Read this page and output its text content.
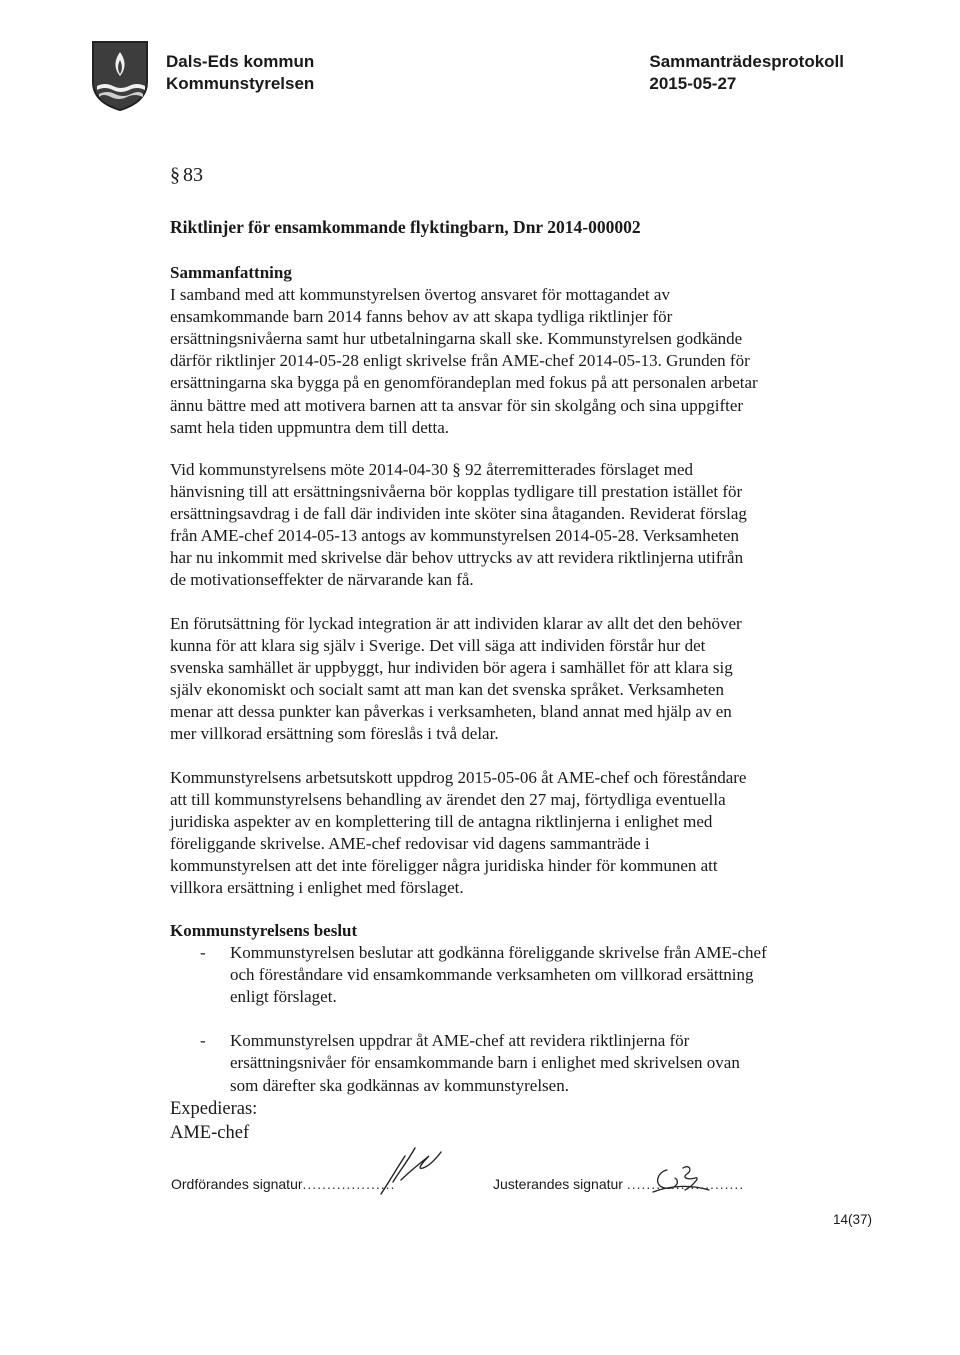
Dals-Eds kommun
Kommunstyrelsen
Sammanträdesprotokoll
2015-05-27
§ 83
Riktlinjer för ensamkommande flyktingbarn, Dnr 2014-000002

Sammanfattning

I samband med att kommunstyrelsen övertog ansvaret för mottagandet av

ensamkommande barn 2014 fanns behov av att skapa tydliga riktlinjer för

ersättningsnivåerna samt hur utbetalningarna skall ske. Kommunstyrelsen godkände

därför riktlinjer 2014-05-28 enligt skrivelse från AME-chef 2014-05-13. Grunden för

ersättningarna ska bygga på en genomförandeplan med fokus på att personalen arbetar

ännu bättre med att motivera barnen att ta ansvar för sin skolgång och sina uppgifter

samt hela tiden uppmuntra dem till detta.

Vid kommunstyrelsens möte 2014-04-30 § 92 återremitterades förslaget med

hänvisning till att ersättningsnivåerna bör kopplas tydligare till prestation istället för

ersättningsavdrag i de fall där individen inte sköter sina åtaganden. Reviderat förslag

från AME-chef 2014-05-13 antogs av kommunstyrelsen 2014-05-28. Verksamheten

har nu inkommit med skrivelse där behov uttrycks av att revidera riktlinjerna utifrån

de motivationseffekter de närvarande kan få.

En förutsättning för lyckad integration är att individen klarar av allt det den behöver

kunna för att klara sig själv i Sverige. Det vill säga att individen förstår hur det

svenska samhället är uppbyggt, hur individen bör agera i samhället för att klara sig

själv ekonomiskt och socialt samt att man kan det svenska språket. Verksamheten

menar att dessa punkter kan påverkas i verksamheten, bland annat med hjälp av en

mer villkorad ersättning som föreslås i två delar.

Kommunstyrelsens arbetsutskott uppdrog 2015-05-06 åt AME-chef och föreståndare

att till kommunstyrelsens behandling av ärendet den 27 maj, förtydliga eventuella

juridiska aspekter av en komplettering till de antagna riktlinjerna i enlighet med

föreliggande skrivelse. AME-chef redovisar vid dagens sammanträde i

kommunstyrelsen att det inte föreligger några juridiska hinder för kommunen att

villkora ersättning i enlighet med förslaget.

Kommunstyrelsens beslut

- Kommunstyrelsen beslutar att godkänna föreliggande skrivelse från AME-chef
och föreståndare vid ensamkommande verksamheten om villkorad ersättning
enligt förslaget.
- Kommunstyrelsen uppdrar åt AME-chef att revidera riktlinjerna för
ersättningsnivåer för ensamkommande barn i enlighet med skrivelsen ovan
som därefter ska godkännas av kommunstyrelsen.
Expedieras:
AME-chef
Ordförandes signatur...................	Justerandes signatur ........................
14(37)
